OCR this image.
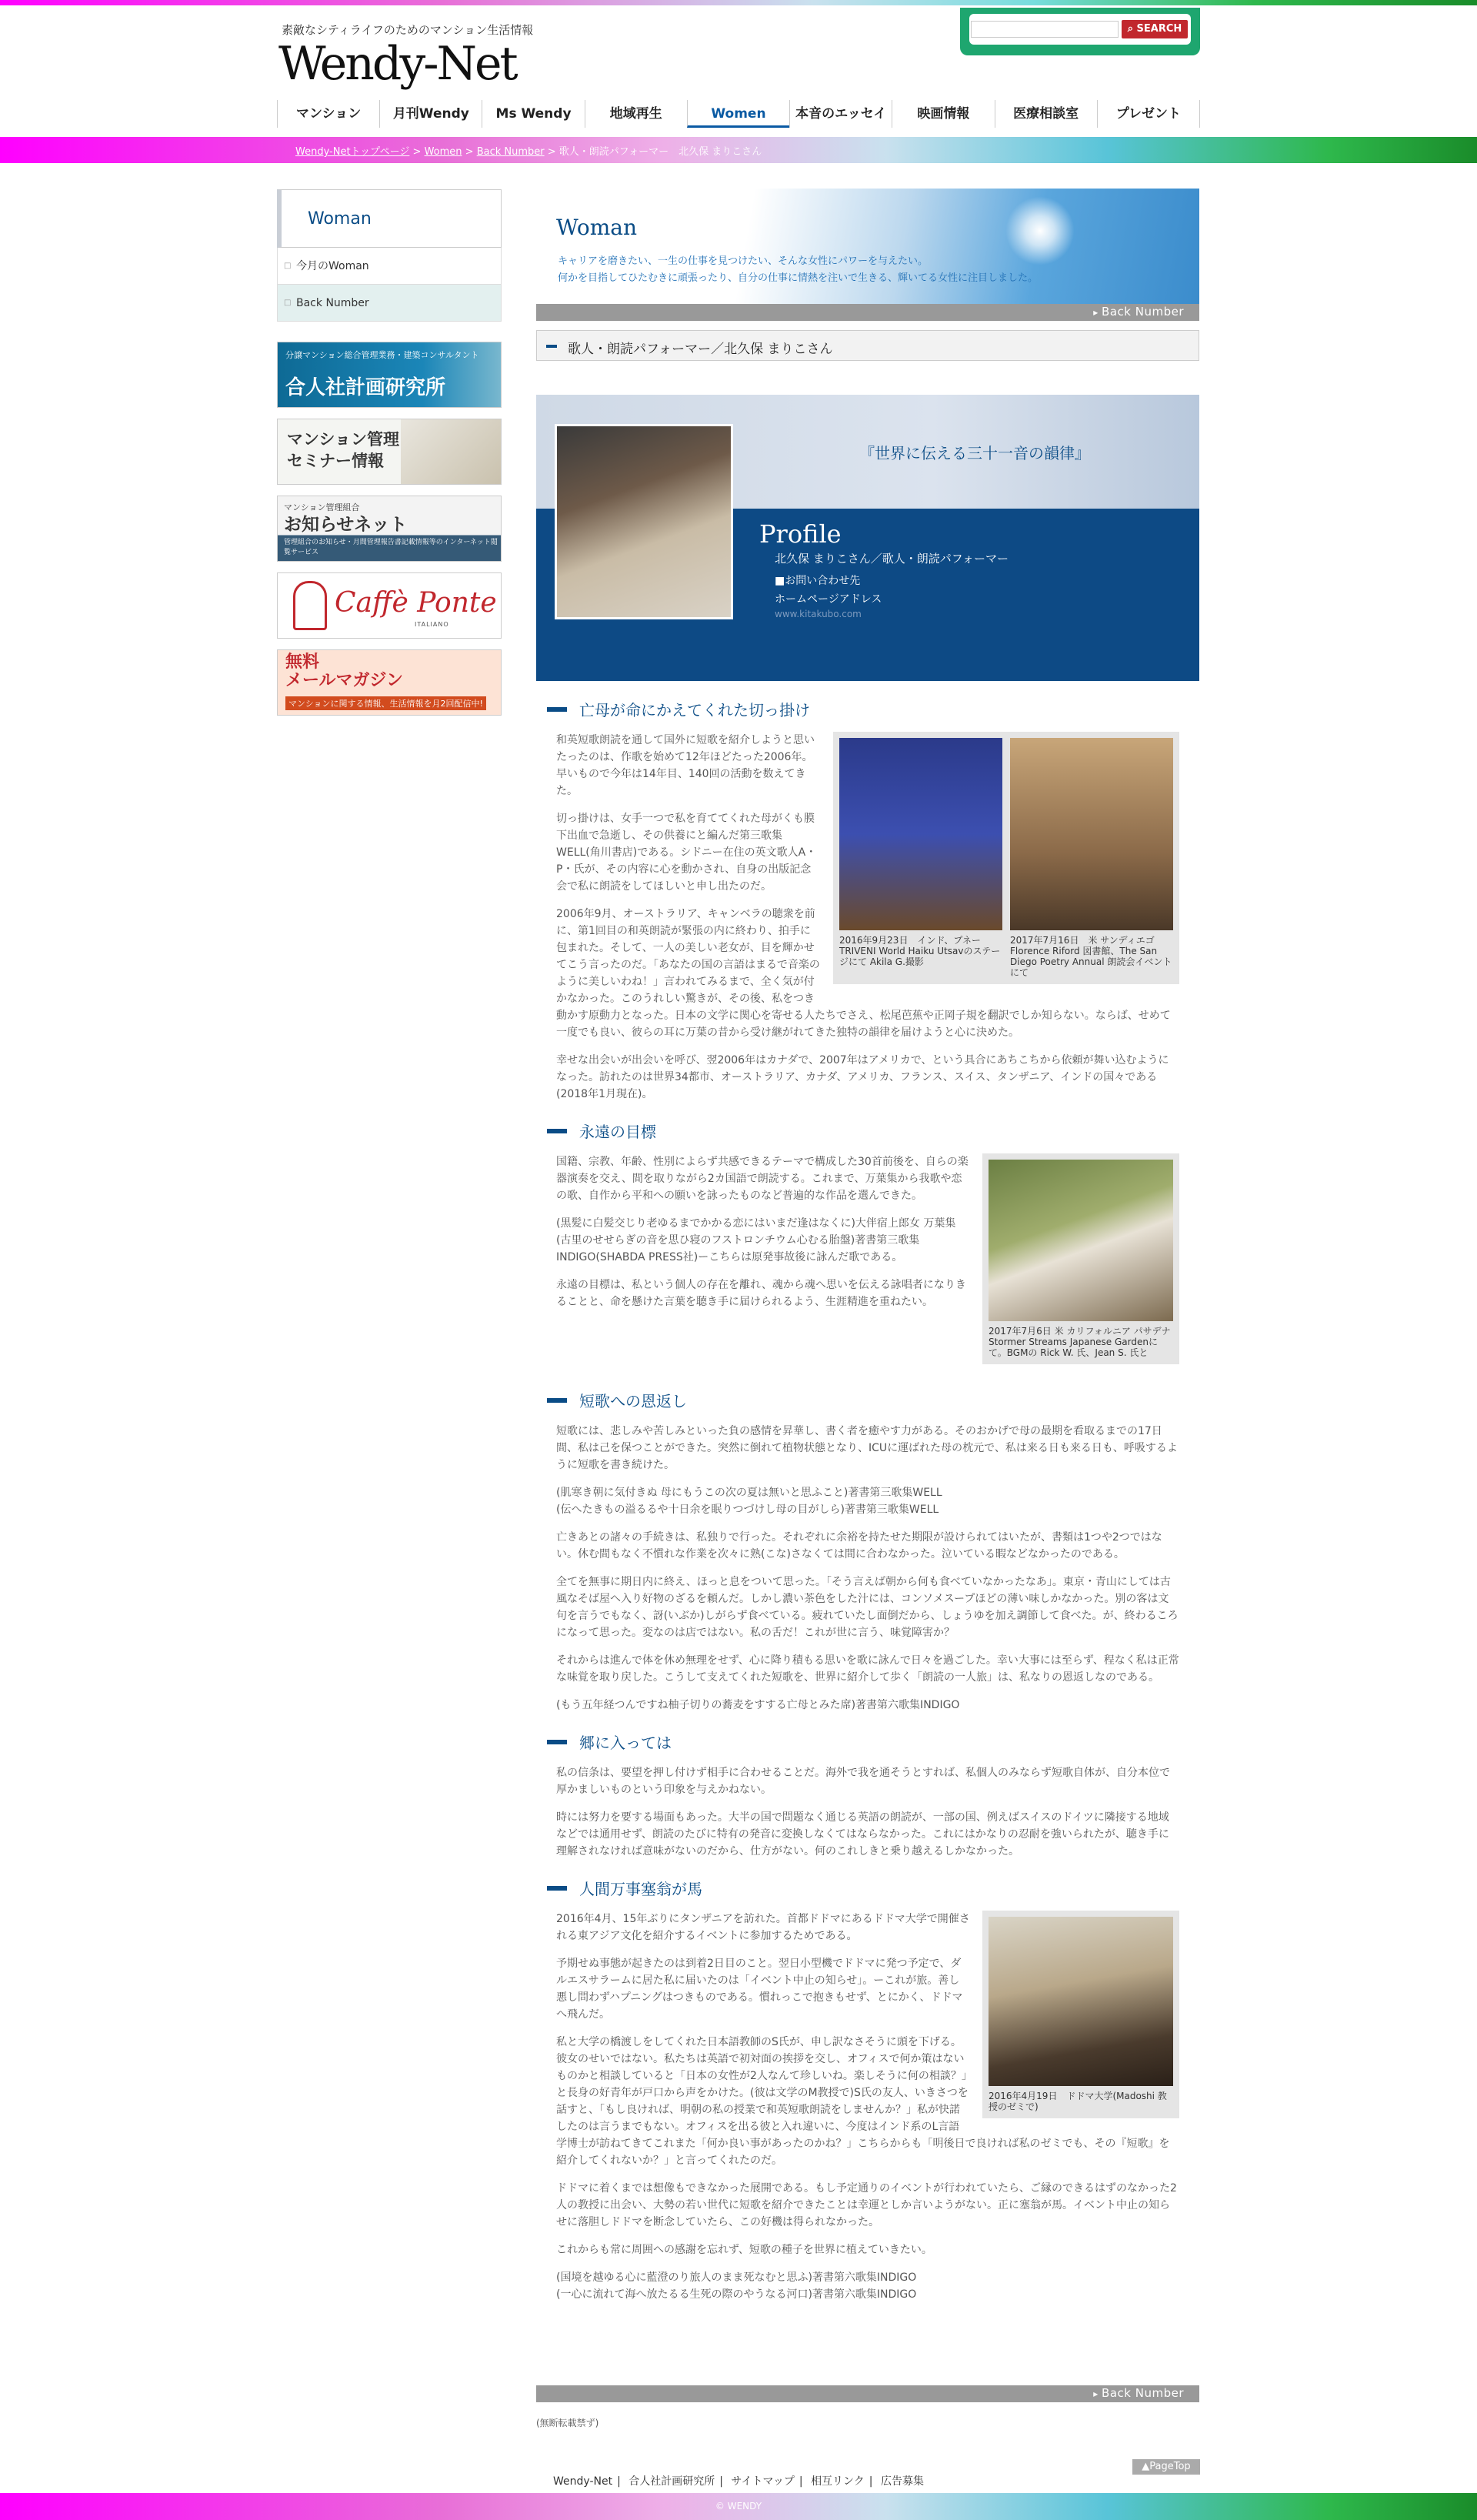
素敵なシティライフのためのマンション生活情報
Wendy-Net
⌕ SEARCH
マンション	月刊Wendy	Ms Wendy	地域再生	Women	本音のエッセイ	映画情報	医療相談室	プレゼント
Wendy-Netトップページ > Women > Back Number > 歌人・朗読パフォーマー　北久保 まりこさん
Woman
□ 今月のWoman
□ Back Number
分譲マンション総合管理業務・建築コンサルタント
合人社計画研究所
マンション管理
セミナー情報
マンション管理組合
お知らせネット
管理組合のお知らせ・月間管理報告書記載情報等のインターネット閲覧サービス
Caffè Ponte
ITALIANO
無料
メールマガジン
マンションに関する情報、生活情報を月2回配信中!
Woman
キャリアを磨きたい、一生の仕事を見つけたい、そんな女性にパワーを与えたい。
何かを目指してひたむきに頑張ったり、自分の仕事に情熱を注いで生きる、輝いてる女性に注目しました。
▸ Back Number
歌人・朗読パフォーマー／北久保 まりこさん
『世界に伝える三十一音の韻律』
Profile
北久保 まりこさん／歌人・朗読パフォーマー
■お問い合わせ先
ホームページアドレス
www.kitakubo.com
亡母が命にかえてくれた切っ掛け
2016年9月23日　インド、プネー　TRIVENI World Haiku Utsavのステージにて Akila G.撮影
2017年7月16日　米 サンディエゴ Florence Riford 図書館、The San Diego Poetry Annual 朗読会イベントにて

和英短歌朗読を通して国外に短歌を紹介しようと思いたったのは、作歌を始めて12年ほどたった2006年。早いもので今年は14年目、140回の活動を数えてきた。

切っ掛けは、女手一つで私を育ててくれた母がくも膜下出血で急逝し、その供養にと編んだ第三歌集WELL(角川書店)である。シドニー在住の英文歌人A・P・氏が、その内容に心を動かされ、自身の出版記念会で私に朗読をしてほしいと申し出たのだ。

2006年9月、オーストラリア、キャンベラの聴衆を前に、第1回目の和英朗読が緊張の内に終わり、拍手に包まれた。そして、一人の美しい老女が、目を輝かせてこう言ったのだ。「あなたの国の言語はまるで音楽のように美しいわね！」言われてみるまで、全く気が付かなかった。このうれしい驚きが、その後、私をつき動かす原動力となった。日本の文学に関心を寄せる人たちでさえ、松尾芭蕉や正岡子規を翻訳でしか知らない。ならば、せめて一度でも良い、彼らの耳に万葉の昔から受け継がれてきた独特の韻律を届けようと心に決めた。

幸せな出会いが出会いを呼び、翌2006年はカナダで、2007年はアメリカで、という具合にあちこちから依頼が舞い込むようになった。訪れたのは世界34都市、オーストラリア、カナダ、アメリカ、フランス、スイス、タンザニア、インドの国々である(2018年1月現在)。

永遠の目標
2017年7月6日 米 カリフォルニア パサデナ Stormer Streams Japanese Gardenにて。BGMの Rick W. 氏、Jean S. 氏と

国籍、宗教、年齢、性別によらず共感できるテーマで構成した30首前後を、自らの楽器演奏を交え、間を取りながら2カ国語で朗読する。これまで、万葉集から我歌や恋の歌、自作から平和への願いを詠ったものなど普遍的な作品を選んできた。

(黒髪に白髪交じり老ゆるまでかかる恋にはいまだ逢はなくに)大伴宿上郎女 万葉集
(古里のせせらぎの音を思ひ寝のフストロンチウム心むる胎盤)著書第三歌集INDIGO(SHABDA PRESS社)ーこちらは原発事故後に詠んだ歌である。

永遠の目標は、私という個人の存在を離れ、魂から魂へ思いを伝える詠唱者になりきることと、命を懸けた言葉を聴き手に届けられるよう、生涯精進を重ねたい。

短歌への恩返し

短歌には、悲しみや苦しみといった負の感情を昇華し、書く者を癒やす力がある。そのおかげで母の最期を看取るまでの17日間、私は己を保つことができた。突然に倒れて植物状態となり、ICUに運ばれた母の枕元で、私は来る日も来る日も、呼吸するように短歌を書き続けた。

(肌寒き朝に気付きぬ 母にもうこの次の夏は無いと思ふこと)著書第三歌集WELL
(伝へたきもの溢るるや十日余を眠りつづけし母の目がしら)著書第三歌集WELL

亡きあとの諸々の手続きは、私独りで行った。それぞれに余裕を持たせた期限が設けられてはいたが、書類は1つや2つではない。休む間もなく不慣れな作業を次々に熟(こな)さなくては間に合わなかった。泣いている暇などなかったのである。

全てを無事に期日内に終え、ほっと息をついて思った。「そう言えば朝から何も食べていなかったなあ」。東京・青山にしては古風なそば屋へ入り好物のざるを頼んだ。しかし濃い茶色をした汁には、コンソメスープほどの薄い味しかなかった。別の客は文句を言うでもなく、訝(いぶか)しがらず食べている。疲れていたし面倒だから、しょうゆを加え調節して食べた。が、終わるころになって思った。変なのは店ではない。私の舌だ！これが世に言う、味覚障害か？

それからは進んで体を休め無理をせず、心に降り積もる思いを歌に詠んで日々を過ごした。幸い大事には至らず、程なく私は正常な味覚を取り戻した。こうして支えてくれた短歌を、世界に紹介して歩く「朗読の一人旅」は、私なりの恩返しなのである。

(もう五年経つんですね柚子切りの蕎麦をすする亡母とみた席)著書第六歌集INDIGO

郷に入っては

私の信条は、要望を押し付けず相手に合わせることだ。海外で我を通そうとすれば、私個人のみならず短歌自体が、自分本位で厚かましいものという印象を与えかねない。

時には努力を要する場面もあった。大半の国で問題なく通じる英語の朗読が、一部の国、例えばスイスのドイツに隣接する地域などでは通用せず、朗読のたびに特有の発音に変換しなくてはならなかった。これにはかなりの忍耐を強いられたが、聴き手に理解されなければ意味がないのだから、仕方がない。何のこれしきと乗り越えるしかなかった。

人間万事塞翁が馬
2016年4月19日　ドドマ大学(Madoshi 教授のゼミで)

2016年4月、15年ぶりにタンザニアを訪れた。首都ドドマにあるドドマ大学で開催される東アジア文化を紹介するイベントに参加するためである。

予期せぬ事態が起きたのは到着2日目のこと。翌日小型機でドドマに発つ予定で、ダルエスサラームに居た私に届いたのは「イベント中止の知らせ」。ーこれが旅。善し悪し問わずハプニングはつきものである。慣れっこで抱きもせず、とにかく、ドドマへ飛んだ。

私と大学の橋渡しをしてくれた日本語教師のS氏が、申し訳なさそうに頭を下げる。彼女のせいではない。私たちは英語で初対面の挨拶を交し、オフィスで何か策はないものかと相談していると「日本の女性が2人なんて珍しいね。楽しそうに何の相談？」と長身の好青年が戸口から声をかけた。(彼は文学のM教授で)S氏の友人、いきさつを話すと、「もし良ければ、明朝の私の授業で和英短歌朗読をしませんか？」私が快諾したのは言うまでもない。オフィスを出る彼と入れ違いに、今度はインド系のL言語学博士が訪ねてきてこれまた「何か良い事があったのかね？」こちらからも「明後日で良ければ私のゼミでも、その『短歌』を紹介してくれないか？」と言ってくれたのだ。

ドドマに着くまでは想像もできなかった展開である。もし予定通りのイベントが行われていたら、ご縁のできるはずのなかった2人の教授に出会い、大勢の若い世代に短歌を紹介できたことは幸運としか言いようがない。正に塞翁が馬。イベント中止の知らせに落胆しドドマを断念していたら、この好機は得られなかった。

これからも常に周囲への感謝を忘れず、短歌の種子を世界に植えていきたい。

(国境を越ゆる心に藍澄のり旅人のまま死なむと思ふ)著書第六歌集INDIGO
(一心に流れて海へ放たるる生死の際のやうなる河口)著書第六歌集INDIGO

▸ Back Number
(無断転載禁ず)
▲PageTop
Wendy-Net | 合人社計画研究所 | サイトマップ | 相互リンク | 広告募集
© WENDY
